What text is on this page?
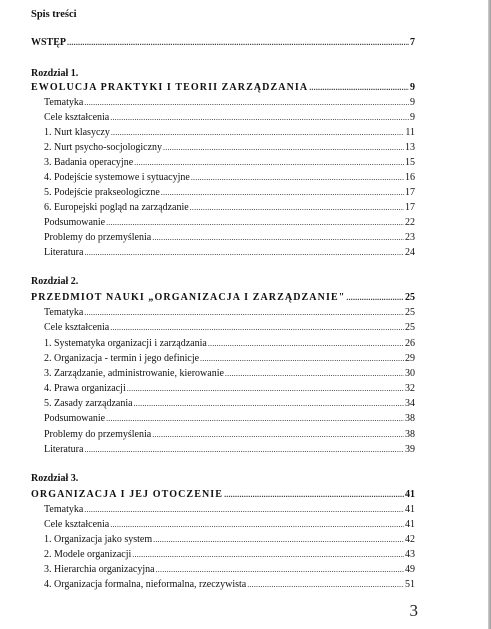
Spis treści
WSTĘP .....	7
Rozdział 1.
EWOLUCJA PRAKTYKI I TEORII ZARZĄDZANIA .....	9
Tematyka .....	9
Cele kształcenia .....	9
1. Nurt klasyczy .....	11
2. Nurt psycho-socjologiczny .....	13
3. Badania operacyjne .....	15
4. Podejście systemowe i sytuacyjne .....	16
5. Podejście prakseologiczne .....	17
6. Europejski pogląd na zarządzanie .....	17
Podsumowanie .....	22
Problemy do przemyślenia .....	23
Literatura .....	24
Rozdział 2.
PRZEDMIOT NAUKI „ORGANIZACJA I ZARZĄDZANIE" .....	25
Tematyka .....	25
Cele kształcenia .....	25
1. Systematyka organizacji i zarządzania .....	26
2. Organizacja - termin i jego definicje .....	29
3. Zarządzanie, administrowanie, kierowanie .....	30
4. Prawa organizacji .....	32
5. Zasady zarządzania .....	34
Podsumowanie .....	38
Problemy do przemyślenia .....	38
Literatura .....	39
Rozdział 3.
ORGANIZACJA I JEJ OTOCZENIE .....	41
Tematyka .....	41
Cele kształcenia .....	41
1. Organizacja jako system .....	42
2. Modele organizacji .....	43
3. Hierarchia organizacyjna .....	49
4. Organizacja formalna, nieformalna, rzeczywista .....	51
3
